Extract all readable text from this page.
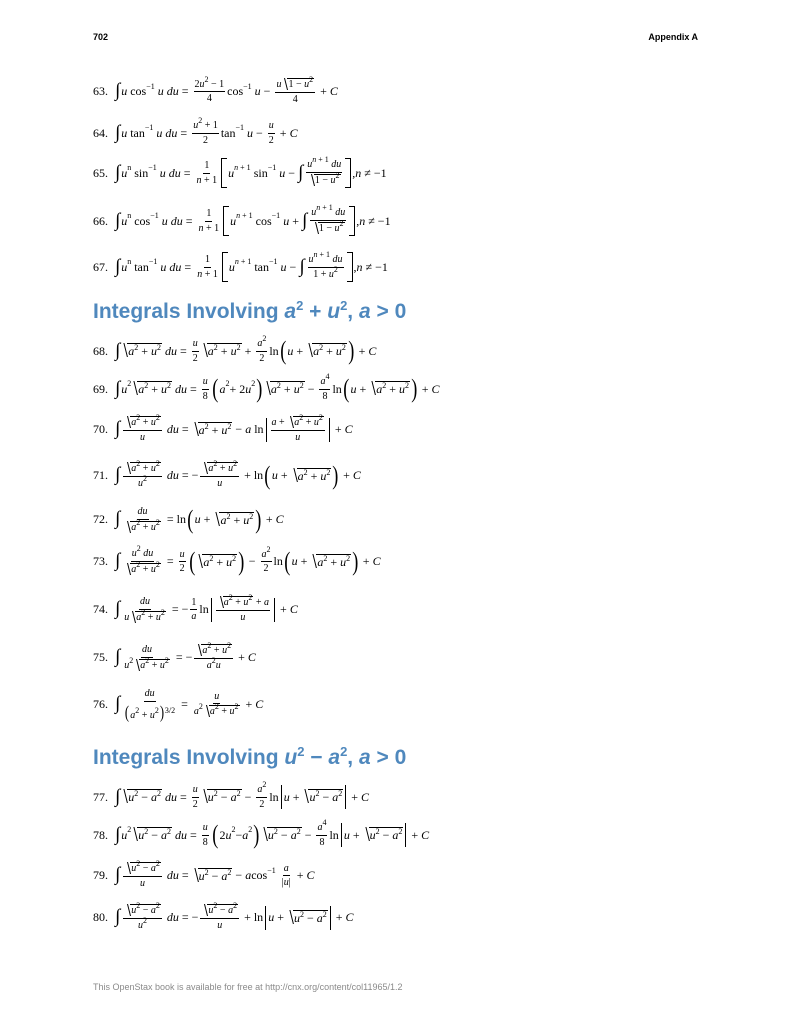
702	Appendix A
63. ∫ u $\cos^{-1}$
u du = $\frac{2u^2 - 1}{4} \cos^{-1}$
$u - \frac{u 1 - u^2}{4} + C$
64. ∫ u $\tan^{-1}$
u du = $\frac{u^2 + 1}{2} \tan^{-1}$
$u - \frac{u}{2} + C$
65. ∫ $u^n$ $\sin^{-1}$
u du = $\frac{1}{n + 1}$ u $^{n + 1}$ $\sin^{-1}$
u − ∫ $u^{n + 1}$ du
$1 - u^2$ , n ≠ −1
66. ∫ $u^n$ $\cos^{-1}$
u du = $\frac{1}{n + 1}$ u $^{n + 1}$ $\cos^{-1}$
u + ∫ $u^{n + 1}$ du
$1 - u^2$ , n ≠ −1
67. ∫ $u^n$ $\tan^{-1}$
u du = $\frac{1}{n + 1}$ u $^{n + 1}$ $\tan^{-1}$
u − ∫ $u^{n + 1}$ du
$1 + u^2$ , n ≠ −1
Integrals Involving $a^2 + u^2$, a > 0
68. ∫ $a^2 + u^2$
du = $\frac{u}{2} a^2 + u^2 + \frac{a^2}{2}$ ln ( $u + a^2 + u^2$ ) + C
69. ∫ $u^2$ $a^2 + u^2$
du = $\frac{u}{8}$ ( $a^2 + 2$ $u^2$ ) $a^2 + u^2 - \frac{a^4}{8}$ ln ( $u + a^2 + u^2$ ) + C
70. ∫	$a^2 + u^2$
u

du = $a^2 + u^2 - a$ $\ln a + a^2 + u^2$
u
+ C
71. ∫	$a^2 + u^2$
$u^2$
du = − $\frac{a^2 + u^2}{u} + \ln$ ( $u + a^2 + u^2$ ) + C
72. ∫ $\frac{du}{a^2 + u^2} = \ln$ ( $u + a^2 + u^2$ ) + C
73. ∫ $\frac{u^2 du}{a^2 + u^2} = \frac{u}{2}$ ( $a^2 + u^2$ ) − $\frac{a^2}{2}$ ln ( $u + a^2 + u^2$ ) + C
74. ∫ $\frac{du}{u a^2 + u^2}$ = − $\frac{1}{a}$ ln	$a^2 + u^2 + a$
u
+ C
75. ∫ $\frac{du}{u^2 a^2 + u^2}$ = − $\frac{a^2 + u^2}{a^2u} + C$
76. ∫ $\frac{du}{(a^2 + u^2)^{3/2}} = \frac{u}{a^2 a^2 + u^2} + C$
Integrals Involving $u^2 - a^2$, a > 0
77. ∫ $u^2 - a^2$
du = $\frac{u}{2} u^2 - a^2 - \frac{a^2}{2}$ $\ln u + u^2 - a^2 + C$
78. ∫ $u^2$ $u^2 - a^2$
du = $\frac{u}{8}$ ( 2 $u^2 - a^2$ ) $u^2 - a^2 - \frac{a^4}{8}$ $\ln u + u^2 - a^2 + C$
79. ∫	$u^2 - a^2$
u

du = $u^2 - a^2 - a$ $\cos^{-1}$
a
|u|
+ C
80. ∫	$u^2 - a^2$
$u^2$
du = − $\frac{u^2 - a^2}{u} + \ln u + u^2 - a^2 + C$
This OpenStax book is available for free at http://cnx.org/content/col11965/1.2
